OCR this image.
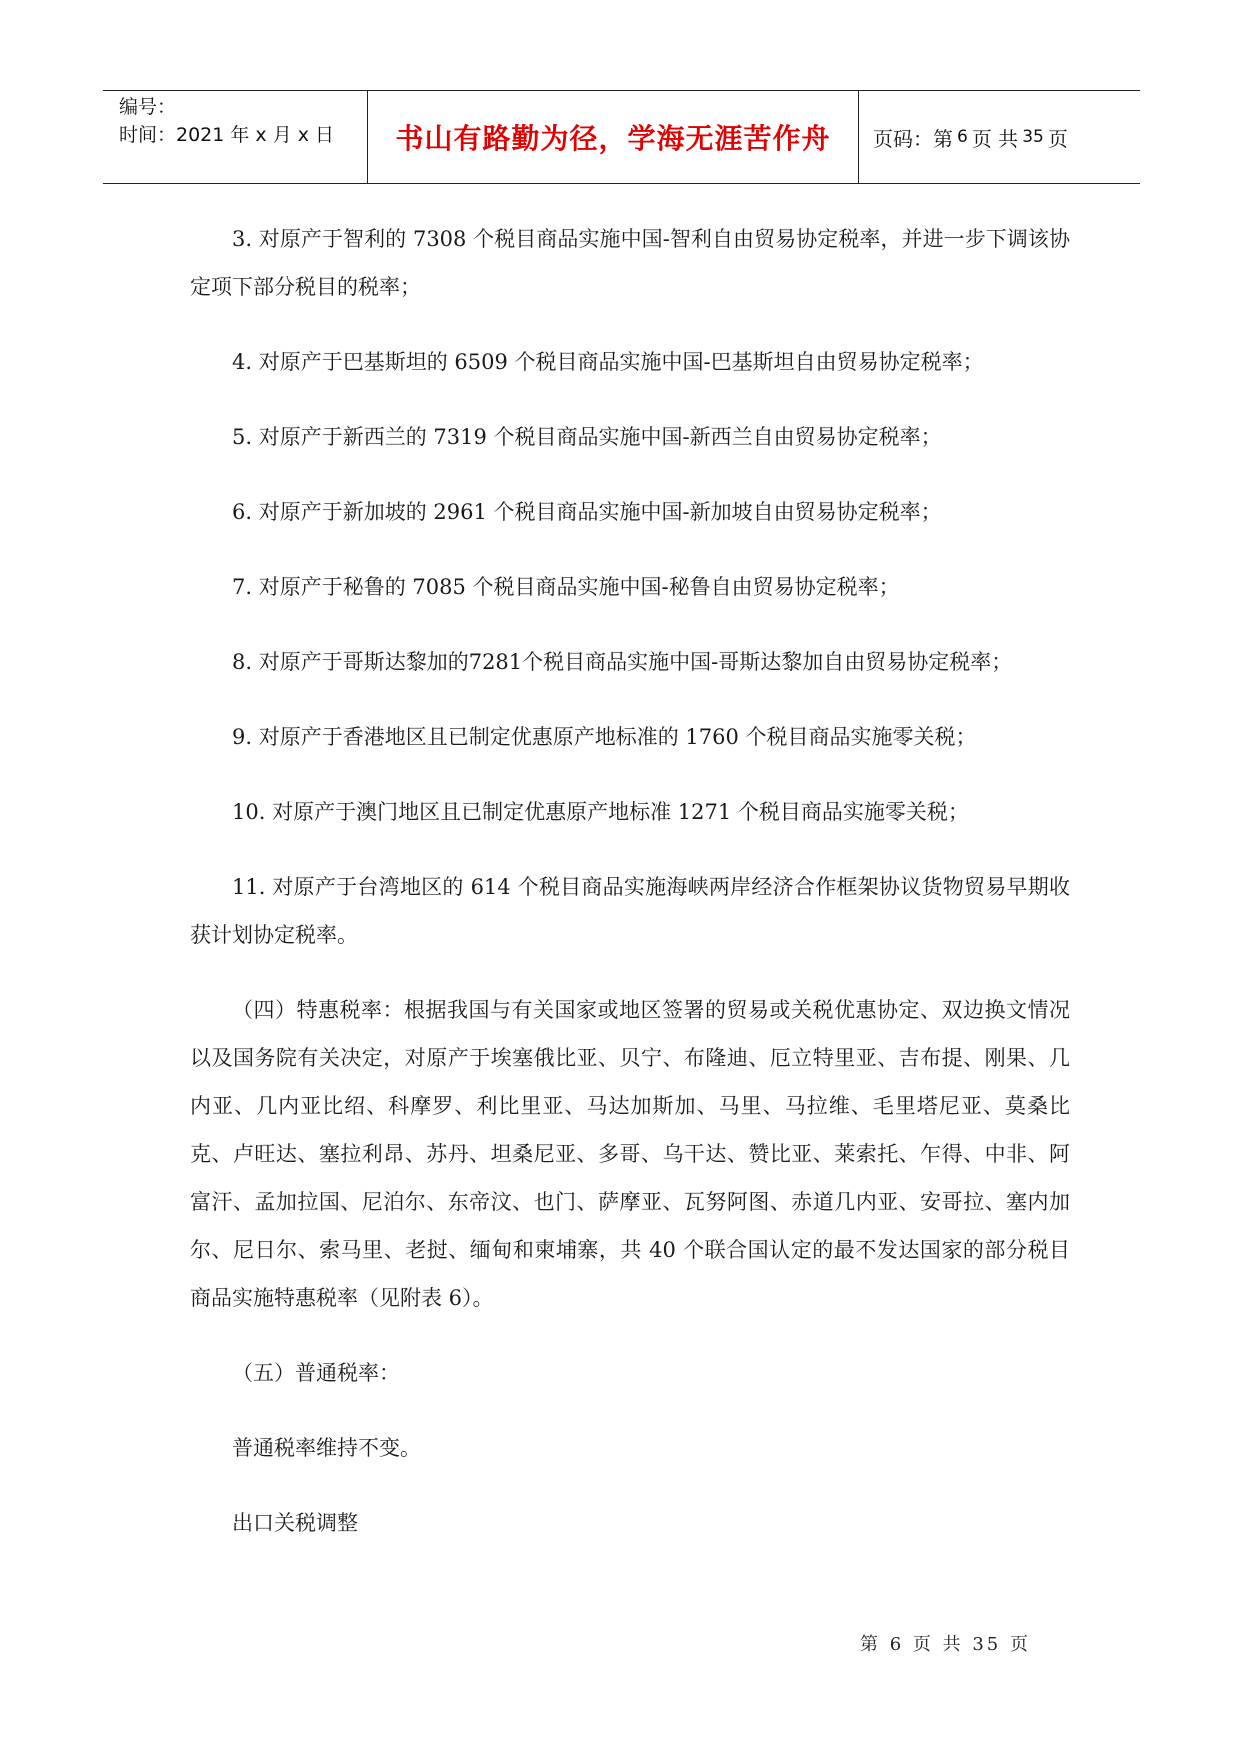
编号：
时间：2021 年 x 月 x 日	书山有路勤为径，学海无涯苦作舟	页码：第 6 页 共 35 页

3. 对原产于智利的 7308 个税目商品实施中国-智利自由贸易协定税率，并进一步下调该协定项下部分税目的税率；

4. 对原产于巴基斯坦的 6509 个税目商品实施中国-巴基斯坦自由贸易协定税率；

5. 对原产于新西兰的 7319 个税目商品实施中国-新西兰自由贸易协定税率；

6. 对原产于新加坡的 2961 个税目商品实施中国-新加坡自由贸易协定税率；

7. 对原产于秘鲁的 7085 个税目商品实施中国-秘鲁自由贸易协定税率；

8. 对原产于哥斯达黎加的7281个税目商品实施中国-哥斯达黎加自由贸易协定税率；

9. 对原产于香港地区且已制定优惠原产地标准的 1760 个税目商品实施零关税；

10. 对原产于澳门地区且已制定优惠原产地标准 1271 个税目商品实施零关税；

11. 对原产于台湾地区的 614 个税目商品实施海峡两岸经济合作框架协议货物贸易早期收获计划协定税率。

（四）特惠税率：根据我国与有关国家或地区签署的贸易或关税优惠协定、双边换文情况以及国务院有关决定，对原产于埃塞俄比亚、贝宁、布隆迪、厄立特里亚、吉布提、刚果、几内亚、几内亚比绍、科摩罗、利比里亚、马达加斯加、马里、马拉维、毛里塔尼亚、莫桑比克、卢旺达、塞拉利昂、苏丹、坦桑尼亚、多哥、乌干达、赞比亚、莱索托、乍得、中非、阿富汗、孟加拉国、尼泊尔、东帝汶、也门、萨摩亚、瓦努阿图、赤道几内亚、安哥拉、塞内加尔、尼日尔、索马里、老挝、缅甸和柬埔寨，共 40 个联合国认定的最不发达国家的部分税目商品实施特惠税率（见附表 6）。

（五）普通税率：

普通税率维持不变。

出口关税调整

第 6 页 共 35 页
